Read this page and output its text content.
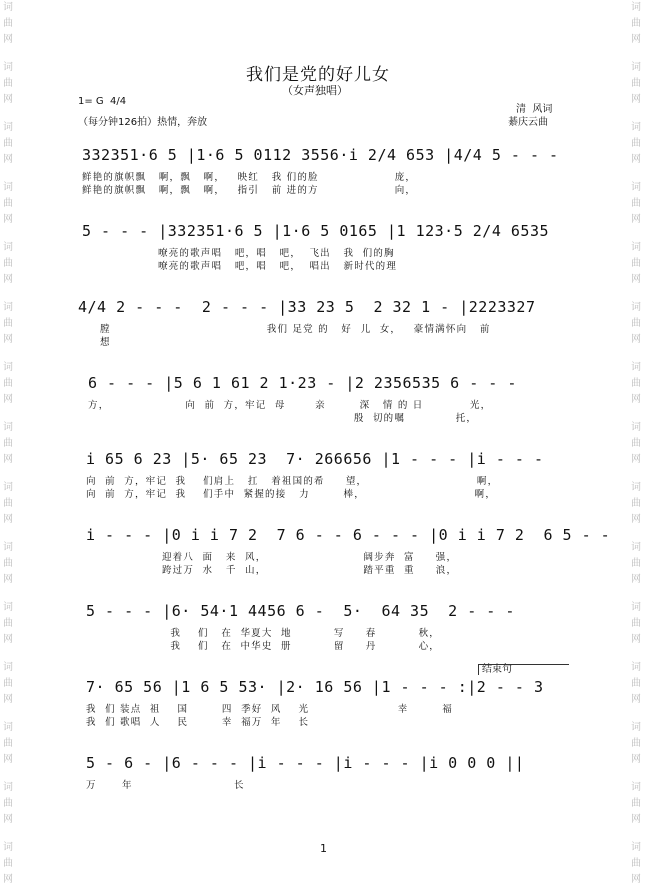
词曲网
词曲网
词曲网
词曲网
词曲网
词曲网
词曲网
词曲网
词曲网
词曲网
词曲网
词曲网
词曲网
词曲网
词曲网
词曲网
词曲网
词曲网
词曲网
词曲网
词曲网
词曲网
词曲网
词曲网
词曲网
词曲网
词曲网
词曲网
词曲网
词曲网
我们是党的好儿女
（女声独唱）
1= G  4/4
（每分钟126拍）热情，奔放
清  风词
綦庆云曲
332351·6 5 |1·6 5 0112 3556·i 2/4 653 |4/4 5 - - -
鲜艳的旗帜飘   啊，飘   啊，   映红   我 们的脸                  庞，
鲜艳的旗帜飘   啊，飘   啊，   指引   前 进的方                  向，
5 - - - |332351·6 5 |1·6 5 0165 |1 123·5 2/4 6535
嘹亮的歌声唱   吧，唱   吧，  飞出   我  们的胸
嘹亮的歌声唱   吧，唱   吧，  唱出   新时代的理
4/4 2 - - -  2 - - - |33 23 5  2 32 1 - |2223327
膛                                     我们 足党 的   好  儿  女，   豪情满怀向   前
想
6 - - - |5 6 1 61 2 1·23 - |2 2356535 6 - - -
方，                  向  前  方，牢记  母       亲        深   情 的 日           光，
殷  切的嘱            托，
i 65 6 23 |5· 65 23  7· 266656 |1 - - - |i - - -
向  前  方，牢记  我    们肩上   扛   着祖国的希     望，                          啊，
向  前  方，牢记  我    们手中  紧握的接   力        棒，                          啊，
i - - - |0 i i 7 2  7 6 - - 6 - - - |0 i i 7 2  6 5 - -
迎着八  面   来  风，                       阔步奔  富     强，
跨过万  水   千  山，                       踏平重  重     浪，
5 - - - |6· 54·1 4456 6 -  5·  64 35  2 - - -
我    们   在  华夏大  地          写     春          秋，
我    们   在  中华史  册          留     丹          心，
结束句
7· 65 56 |1 6 5 53· |2· 16 56 |1 - - - :|2 - - 3
我  们 装点  祖    国        四  季好  风    光                     幸        福
我  们 歌唱  人    民        幸  福万  年    长
5 - 6 - |6 - - - |i - - - |i - - - |i 0 0 0 ||
万      年                        长
1
